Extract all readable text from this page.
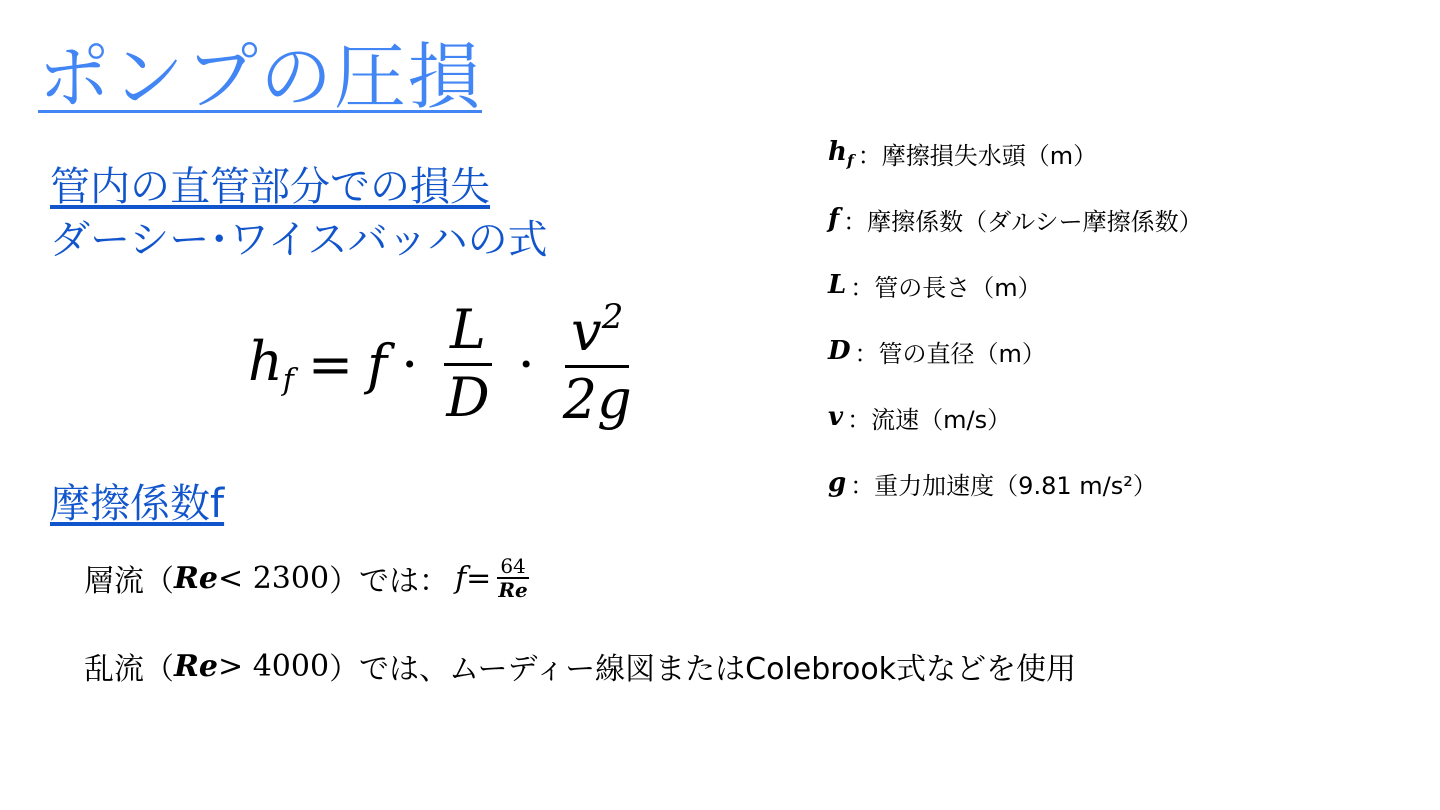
ポンプの圧損
管内の直管部分での損失
ダーシー･ワイスバッハの式
$h_f = f \cdot \frac{L}{D} \cdot \frac{v^2}{2g}$
摩擦係数f
層流（ Re < 2300 ）では： $f = \frac{64}{Re}$
乱流（ Re > 4000 ）では、ムーディー線図またはColebrook式などを使用
$h_f$ ：摩擦損失水頭（m）
f ：摩擦係数（ダルシー摩擦係数）
L ：管の長さ（m）
D ：管の直径（m）
v ：流速（m/s）
g ：重力加速度（9.81 m/s²）
